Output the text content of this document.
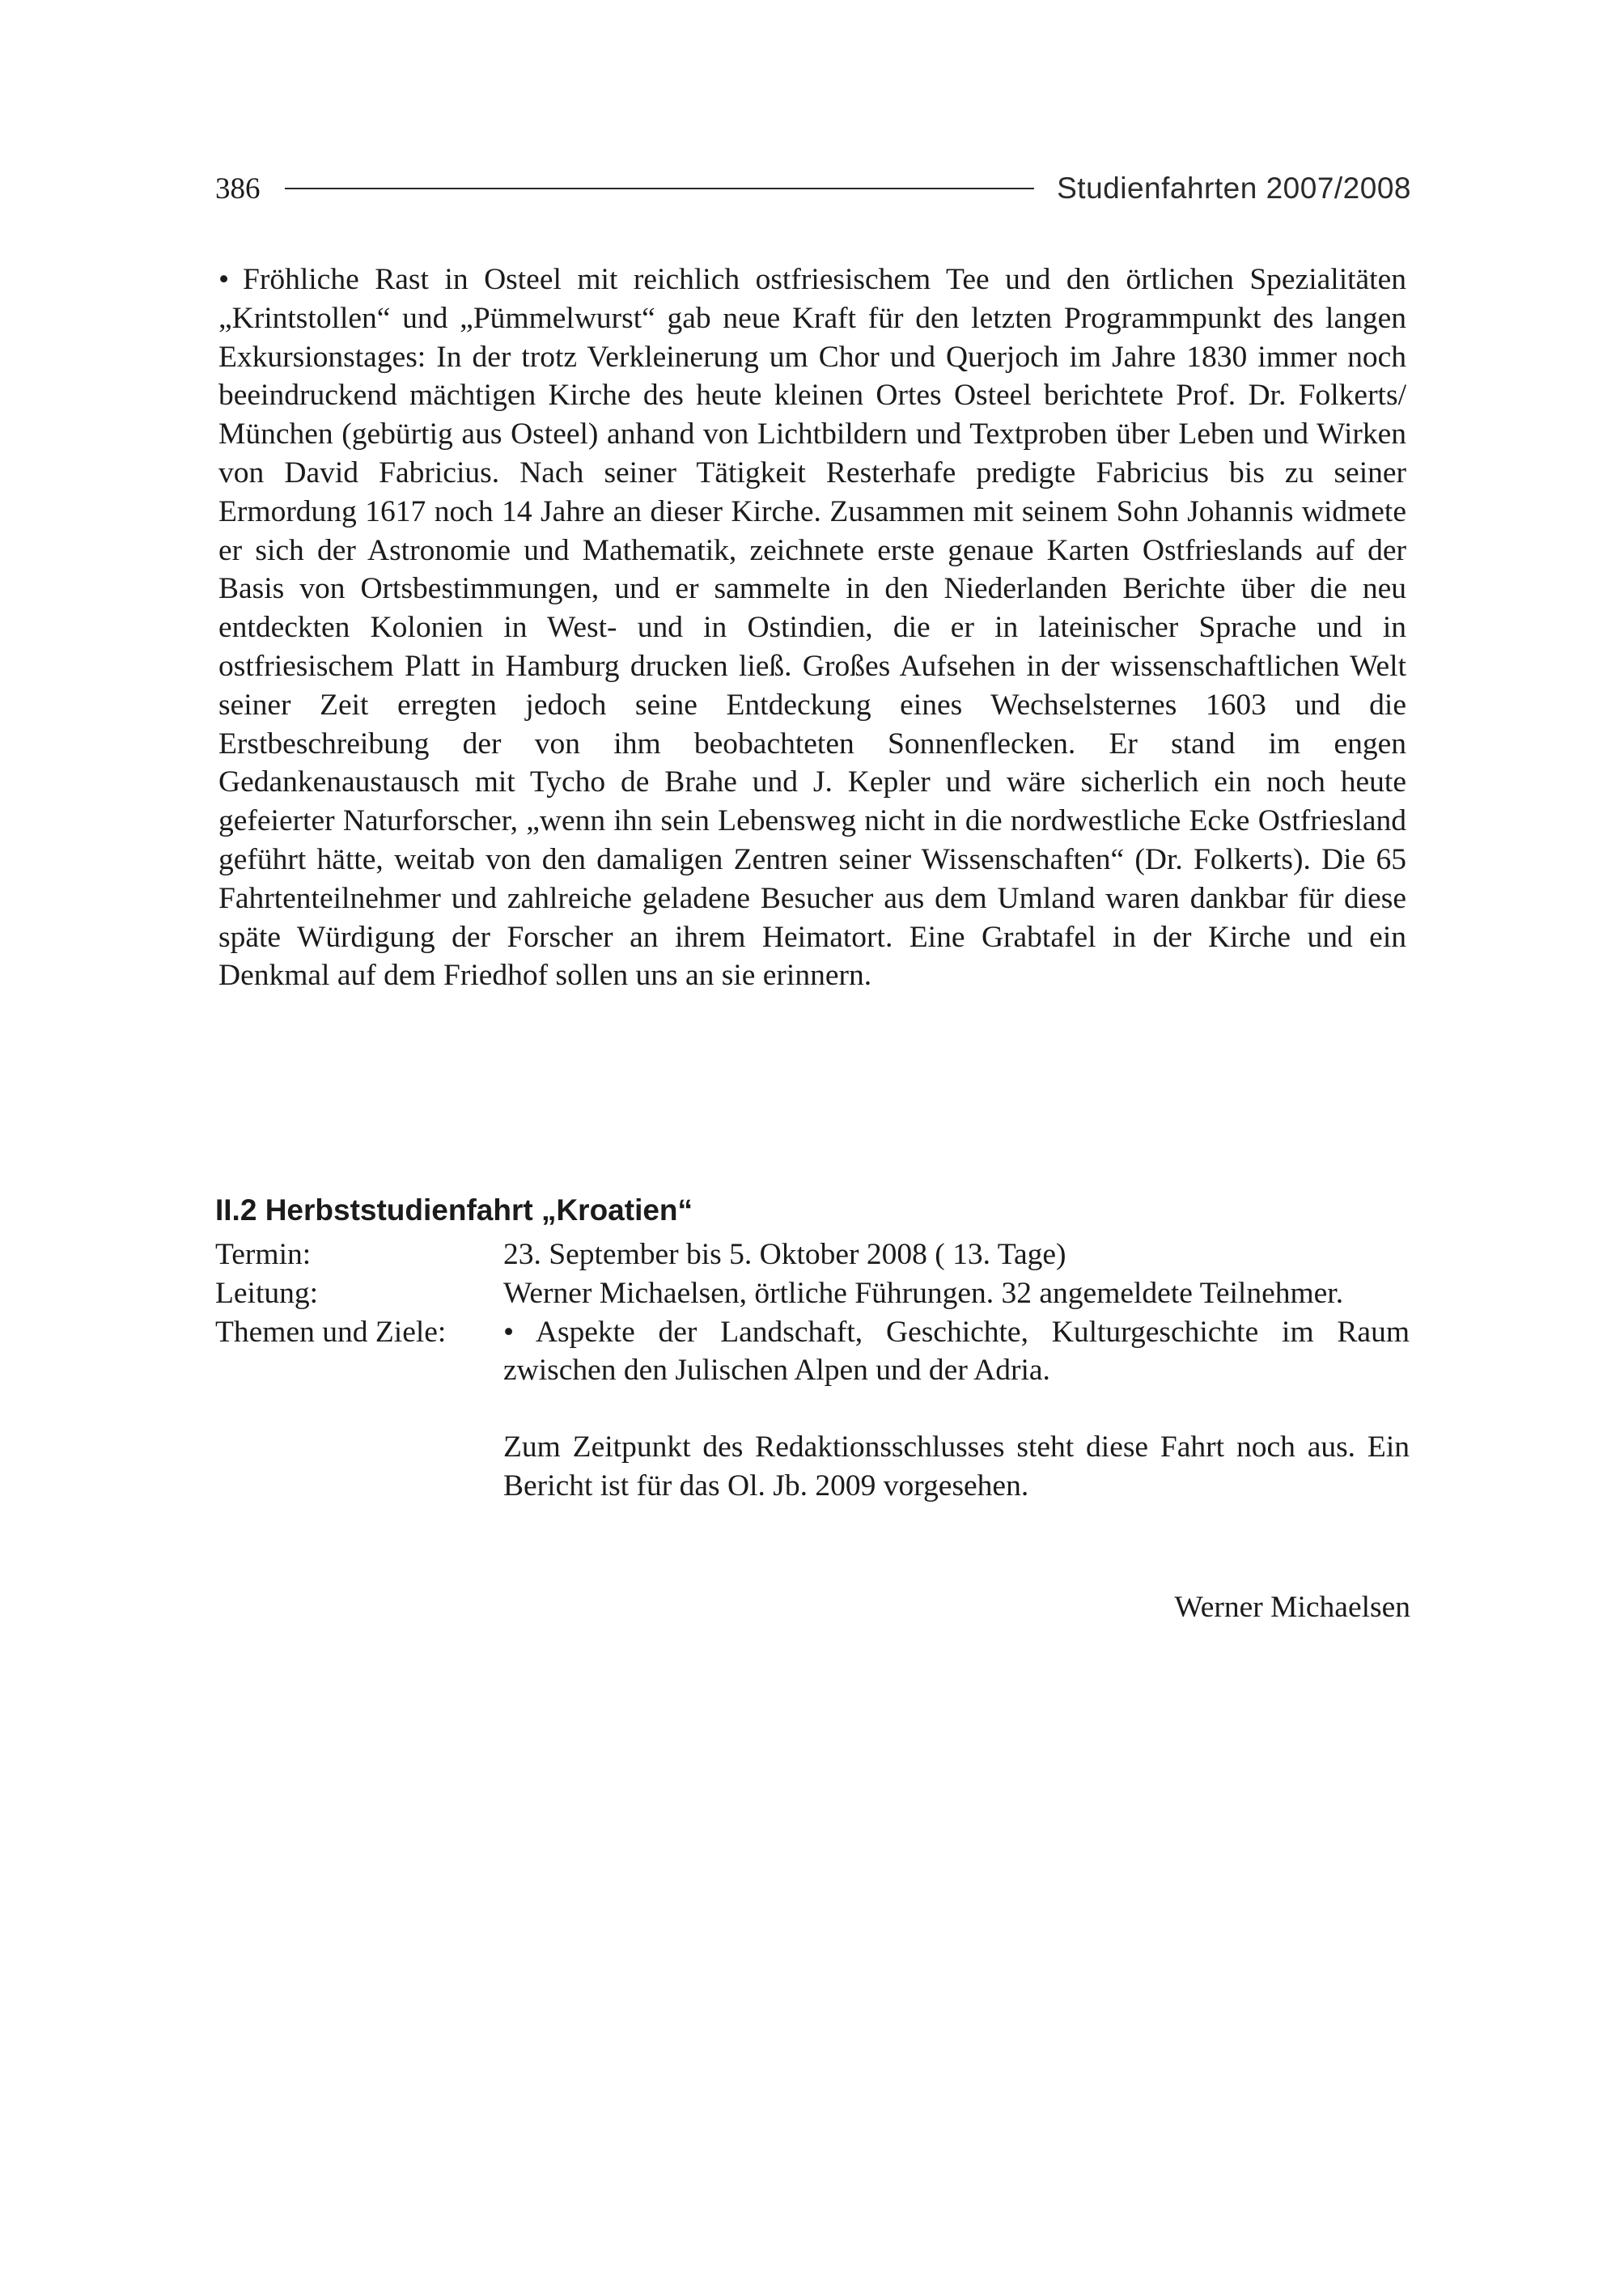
386	Studienfahrten 2007/2008
• Fröhliche Rast in Osteel mit reichlich ostfriesischem Tee und den örtlichen Spezialitäten „Krintstollen“ und „Pümmelwurst“ gab neue Kraft für den letzten Programmpunkt des langen Exkursionstages: In der trotz Verkleinerung um Chor und Querjoch im Jahre 1830 immer noch beeindruckend mächtigen Kirche des heute kleinen Ortes Osteel berichtete Prof. Dr. Folkerts/ München (gebürtig aus Osteel) anhand von Lichtbildern und Textproben über Leben und Wirken von David Fabricius. Nach seiner Tätigkeit Resterhafe predigte Fabricius bis zu seiner Ermordung 1617 noch 14 Jahre an dieser Kirche. Zusammen mit seinem Sohn Johannis widmete er sich der Astronomie und Mathematik, zeichnete erste genaue Karten Ostfrieslands auf der Basis von Ortsbestimmungen, und er sammelte in den Niederlanden Berichte über die neu entdeckten Kolonien in West- und in Ostindien, die er in lateinischer Sprache und in ostfriesischem Platt in Hamburg drucken ließ. Großes Aufsehen in der wissenschaftlichen Welt seiner Zeit erregten jedoch seine Entdeckung eines Wechselsternes 1603 und die Erstbeschreibung der von ihm beobachteten Sonnenflecken. Er stand im engen Gedankenaustausch mit Tycho de Brahe und J. Kepler und wäre sicherlich ein noch heute gefeierter Naturforscher, „wenn ihn sein Lebensweg nicht in die nordwestliche Ecke Ostfriesland geführt hätte, weitab von den damaligen Zentren seiner Wissenschaften“ (Dr. Folkerts). Die 65 Fahrtenteilnehmer und zahlreiche geladene Besucher aus dem Umland waren dankbar für diese späte Würdigung der Forscher an ihrem Heimatort. Eine Grabtafel in der Kirche und ein Denkmal auf dem Friedhof sollen uns an sie erinnern.
II.2 Herbststudienfahrt „Kroatien“
Termin:	23. September bis 5. Oktober 2008 ( 13. Tage)
Leitung:	Werner Michaelsen, örtliche Führungen. 32 angemeldete Teilnehmer.
Themen und Ziele:	• Aspekte der Landschaft, Geschichte, Kulturgeschichte im Raum zwischen den Julischen Alpen und der Adria.
Zum Zeitpunkt des Redaktionsschlusses steht diese Fahrt noch aus. Ein Bericht ist für das Ol. Jb. 2009 vorgesehen.
Werner Michaelsen
